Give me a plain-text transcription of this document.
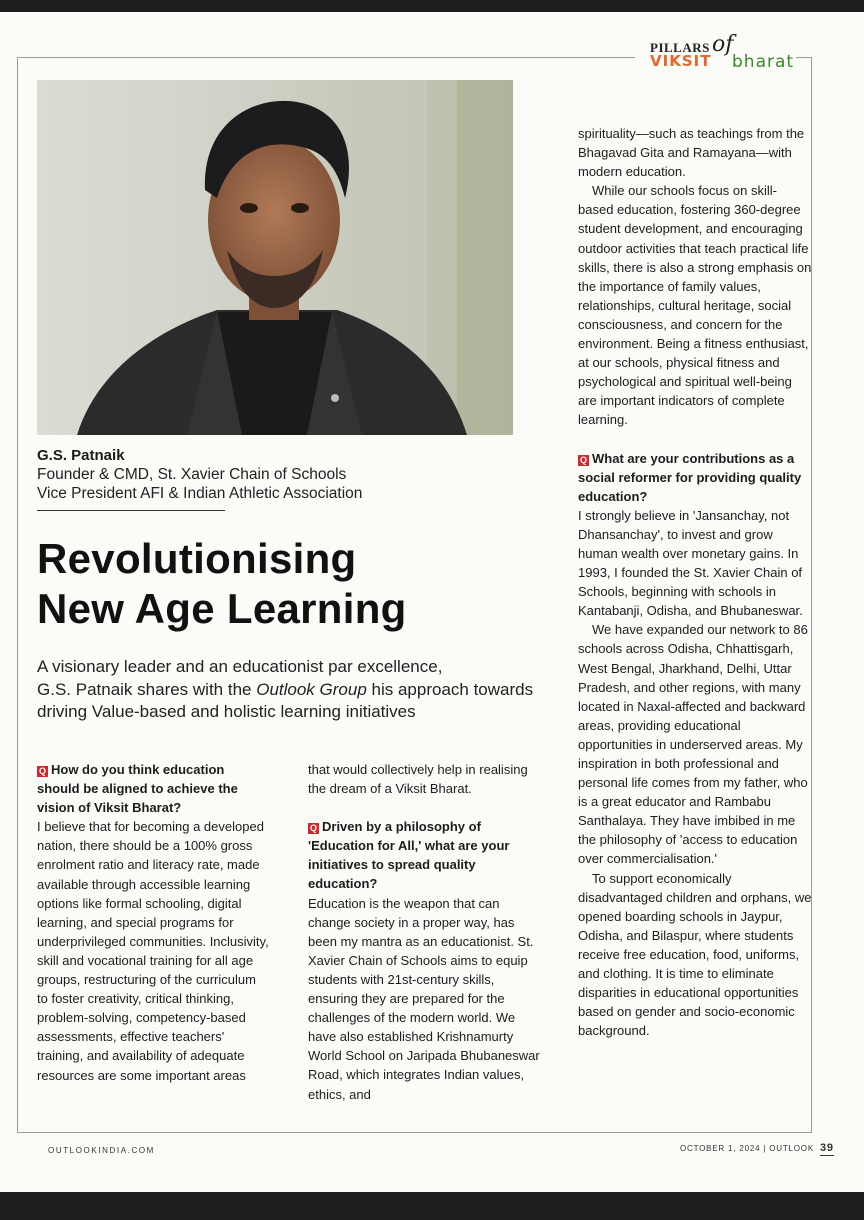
PILLARS of
VIKSIT bharat
G.S. Patnaik
Founder & CMD, St. Xavier Chain of Schools
Vice President AFI & Indian Athletic Association
Revolutionising
New Age Learning
A visionary leader and an educationist par excellence,
G.S. Patnaik shares with the Outlook Group his approach towards
driving Value-based and holistic learning initiatives

Q How do you think education should be aligned to achieve the vision of Viksit Bharat?

I believe that for becoming a developed nation, there should be a 100% gross enrolment ratio and literacy rate, made available through accessible learning options like formal schooling, digital learning, and special programs for underprivileged communities. Inclusivity, skill and vocational training for all age groups, restructuring of the curriculum to foster creativity, critical thinking, problem-solving, competency-based assessments, effective teachers' training, and availability of adequate resources are some important areas

that would collectively help in realising the dream of a Viksit Bharat.

Q Driven by a philosophy of 'Education for All,' what are your initiatives to spread quality education?

Education is the weapon that can change society in a proper way, has been my mantra as an educationist. St. Xavier Chain of Schools aims to equip students with 21st-century skills, ensuring they are prepared for the challenges of the modern world. We have also established Krishnamurty World School on Jaripada Bhubaneswar Road, which integrates Indian values, ethics, and

spirituality—such as teachings from the Bhagavad Gita and Ramayana—with modern education.

While our schools focus on skill-based education, fostering 360-degree student development, and encouraging outdoor activities that teach practical life skills, there is also a strong emphasis on the importance of family values, relationships, cultural heritage, social consciousness, and concern for the environment. Being a fitness enthusiast, at our schools, physical fitness and psychological and spiritual well-being are important indicators of complete learning.

Q What are your contributions as a social reformer for providing quality education?

I strongly believe in 'Jansanchay, not Dhansanchay', to invest and grow human wealth over monetary gains. In 1993, I founded the St. Xavier Chain of Schools, beginning with schools in Kantabanji, Odisha, and Bhubaneswar.

We have expanded our network to 86 schools across Odisha, Chhattisgarh, West Bengal, Jharkhand, Delhi, Uttar Pradesh, and other regions, with many located in Naxal-affected and backward areas, providing educational opportunities in underserved areas. My inspiration in both professional and personal life comes from my father, who is a great educator and Rambabu Santhalaya. They have imbibed in me the philosophy of 'access to education over commercialisation.'

To support economically disadvantaged children and orphans, we opened boarding schools in Jaypur, Odisha, and Bilaspur, where students receive free education, food, uniforms, and clothing. It is time to eliminate disparities in educational opportunities based on gender and socio-economic background.

OUTLOOKINDIA.COM	OCTOBER 1, 2024 | OUTLOOK 39
